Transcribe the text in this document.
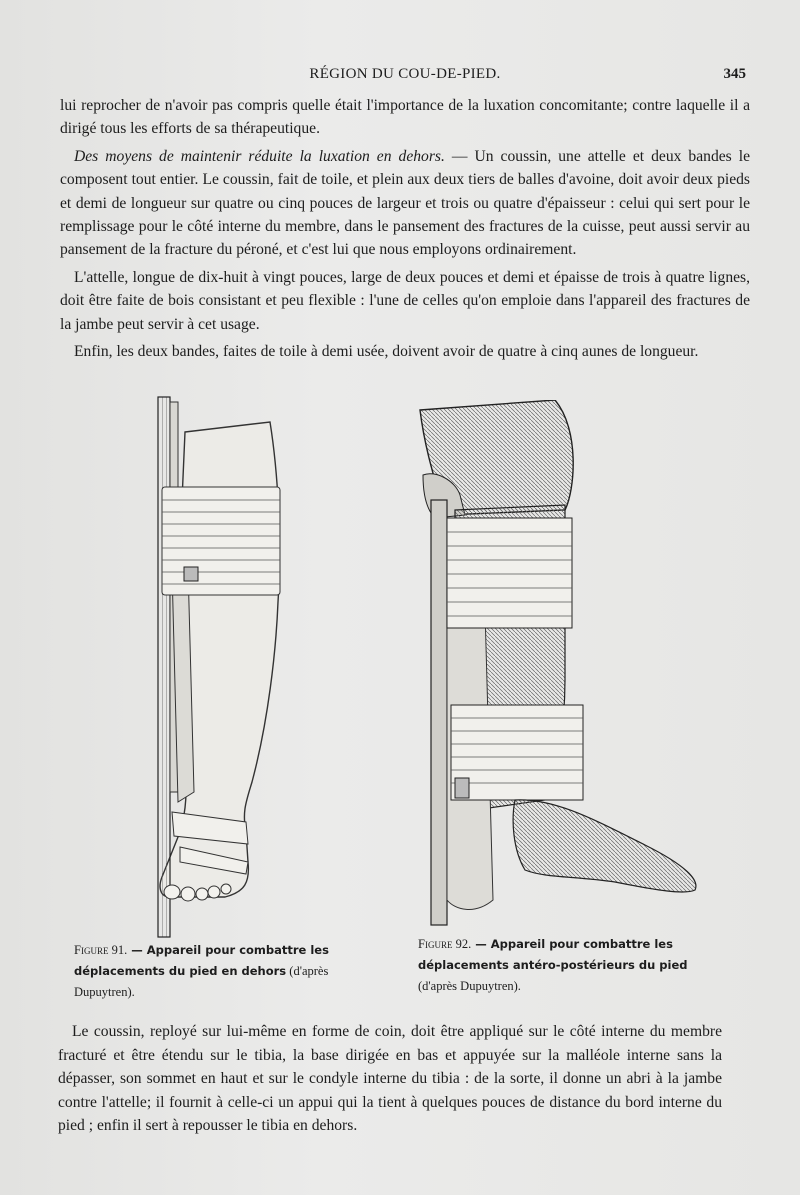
RÉGION DU COU-DE-PIED.	345

lui reprocher de n'avoir pas compris quelle était l'importance de la luxation concomitante; contre laquelle il a dirigé tous les efforts de sa thérapeutique.

Des moyens de maintenir réduite la luxation en dehors. — Un coussin, une attelle et deux bandes le composent tout entier. Le coussin, fait de toile, et plein aux deux tiers de balles d'avoine, doit avoir deux pieds et demi de longueur sur quatre ou cinq pouces de largeur et trois ou quatre d'épaisseur : celui qui sert pour le remplissage pour le côté interne du membre, dans le pansement des fractures de la cuisse, peut aussi servir au pansement de la fracture du péroné, et c'est lui que nous employons ordinairement.

L'attelle, longue de dix-huit à vingt pouces, large de deux pouces et demi et épaisse de trois à quatre lignes, doit être faite de bois consistant et peu flexible : l'une de celles qu'on emploie dans l'appareil des fractures de la jambe peut servir à cet usage.

Enfin, les deux bandes, faites de toile à demi usée, doivent avoir de quatre à cinq aunes de longueur.

Figure 91. — Appareil pour combattre les déplacements du pied en dehors (d'après Dupuytren).
Figure 92. — Appareil pour combattre les déplacements antéro-postérieurs du pied (d'après Dupuytren).

Le coussin, reployé sur lui-même en forme de coin, doit être appliqué sur le côté interne du membre fracturé et être étendu sur le tibia, la base dirigée en bas et appuyée sur la malléole interne sans la dépasser, son sommet en haut et sur le condyle interne du tibia : de la sorte, il donne un abri à la jambe contre l'attelle; il fournit à celle-ci un appui qui la tient à quelques pouces de distance du bord interne du pied ; enfin il sert à repousser le tibia en dehors.
